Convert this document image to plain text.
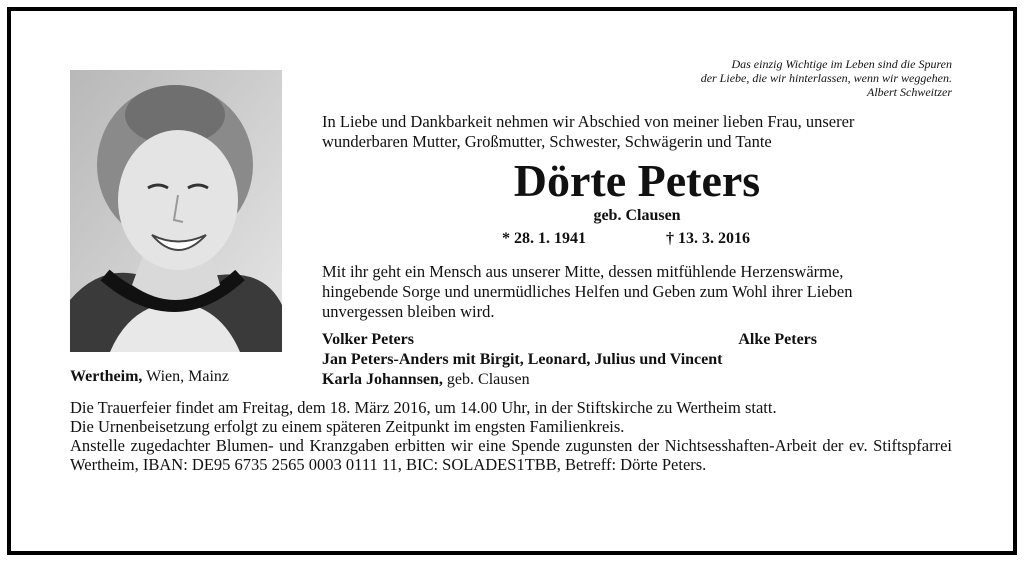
Das einzig Wichtige im Leben sind die Spuren
der Liebe, die wir hinterlassen, wenn wir weggehen.
Albert Schweitzer
Wertheim, Wien, Mainz
In Liebe und Dankbarkeit nehmen wir Abschied von meiner lieben Frau, unserer
wunderbaren Mutter, Großmutter, Schwester, Schwägerin und Tante
Dörte Peters
geb. Clausen
* 28. 1. 1941	† 13. 3. 2016
Mit ihr geht ein Mensch aus unserer Mitte, dessen mitfühlende Herzenswärme,
hingebende Sorge und unermüdliches Helfen und Geben zum Wohl ihrer Lieben
unvergessen bleiben wird.
Volker Peters	Alke Peters
Jan Peters-Anders mit Birgit, Leonard, Julius und Vincent
Karla Johannsen, geb. Clausen

Die Trauerfeier findet am Freitag, dem 18. März 2016, um 14.00 Uhr, in der Stiftskirche zu Wertheim statt.

Die Urnenbeisetzung erfolgt zu einem späteren Zeitpunkt im engsten Familienkreis.

Anstelle zugedachter Blumen- und Kranzgaben erbitten wir eine Spende zugunsten der Nichtsesshaften-Arbeit der ev. Stiftspfarrei Wertheim, IBAN: DE95 6735 2565 0003 0111 11, BIC: SOLADES1TBB, Betreff: Dörte Peters.
